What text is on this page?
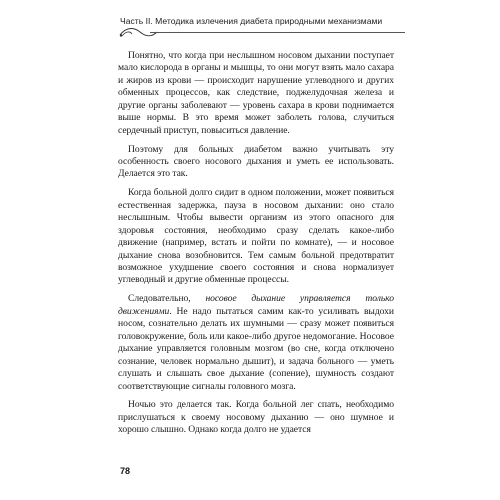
Часть II. Методика излечения диабета природными механизмами

Понятно, что когда при неслышном носовом дыхании поступает мало кислорода в органы и мышцы, то они могут взять мало сахара и жиров из крови — происходит нарушение углеводного и других обменных процессов, как следствие, поджелудочная железа и другие органы заболевают — уровень сахара в крови поднимается выше нормы. В это время может заболеть голова, случиться сердечный приступ, повыситься давление.

Поэтому для больных диабетом важно учитывать эту особенность своего носового дыхания и уметь ее использовать. Делается это так.

Когда больной долго сидит в одном положении, может появиться естественная задержка, пауза в носовом дыхании: оно стало неслышным. Чтобы вывести организм из этого опасного для здоровья состояния, необходимо сразу сделать какое-либо движение (например, встать и пойти по комнате), — и носовое дыхание снова возобновится. Тем самым больной предотвратит возможное ухудшение своего состояния и снова нормализует углеводный и другие обменные процессы.

Следовательно, носовое дыхание управляется только движениями. Не надо пытаться самим как-то усиливать выдохи носом, сознательно делать их шумными — сразу может появиться головокружение, боль или какое-либо другое недомогание. Носовое дыхание управляется головным мозгом (во сне, когда отключено сознание, человек нормально дышит), и задача больного — уметь слушать и слышать свое дыхание (сопение), шумность создают соответствующие сигналы головного мозга.

Ночью это делается так. Когда больной лег спать, необходимо прислушаться к своему носовому дыханию — оно шумное и хорошо слышно. Однако когда долго не удается

78
